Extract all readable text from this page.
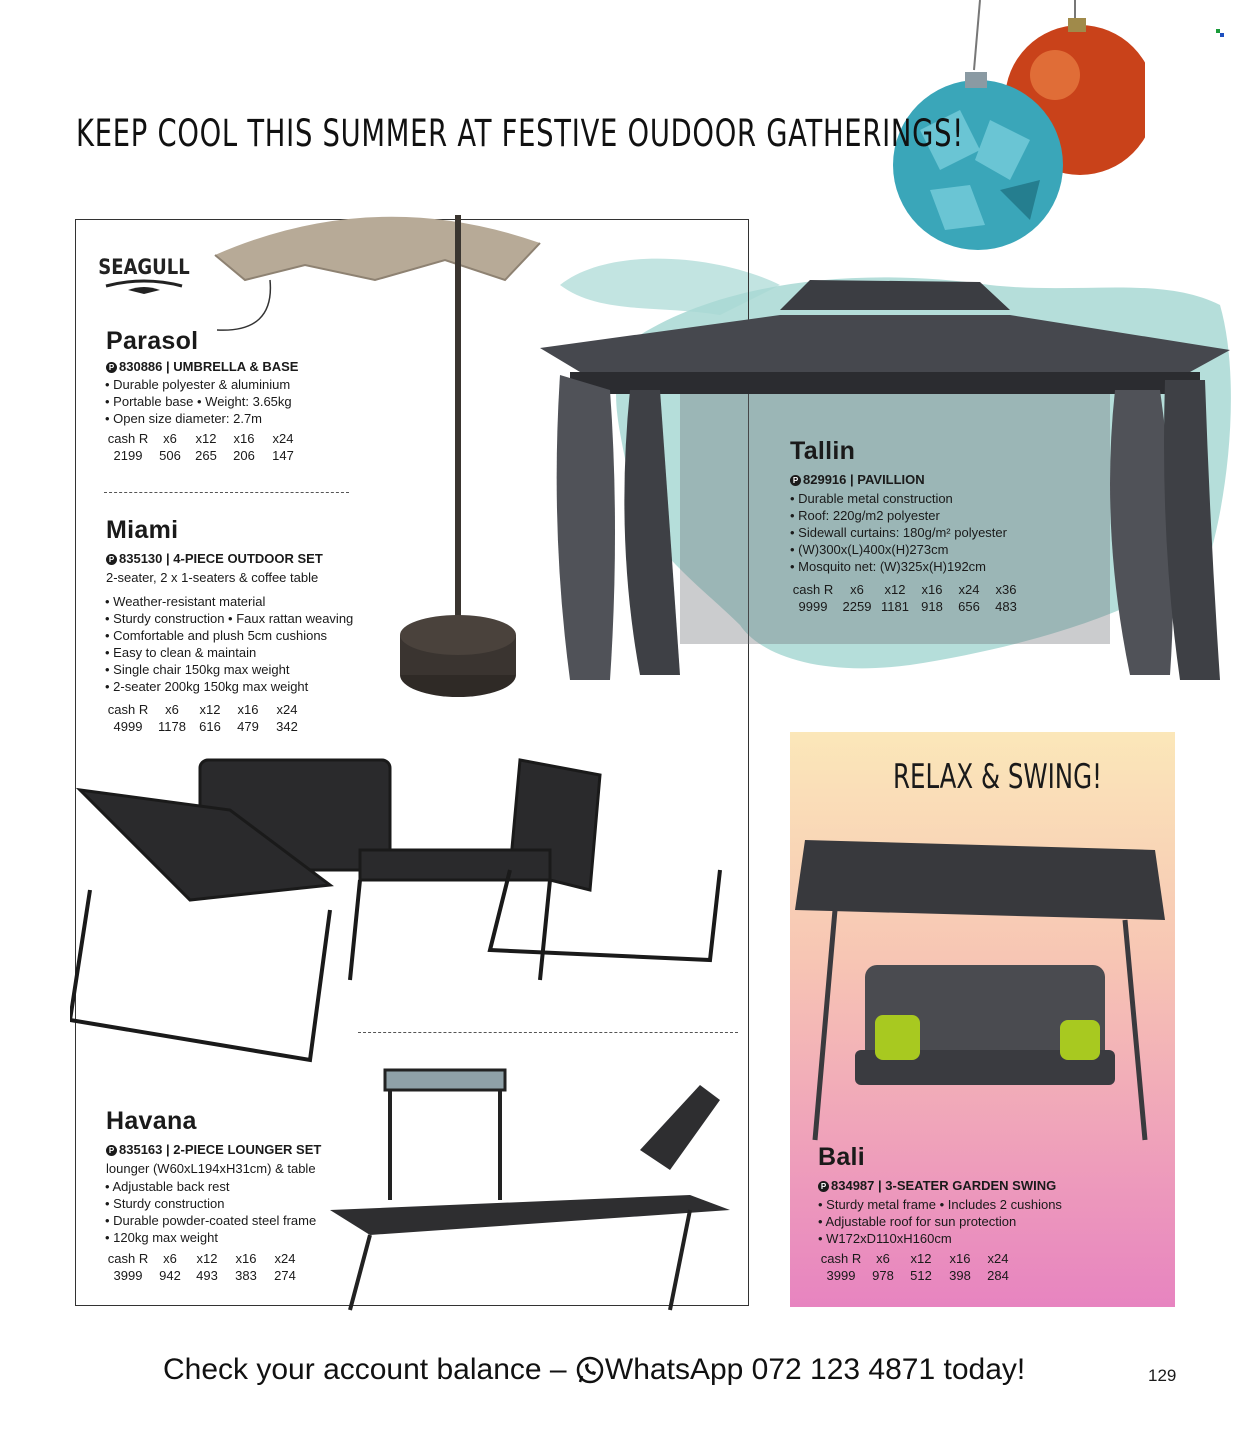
KEEP COOL THIS SUMMER AT FESTIVE OUDOOR GATHERINGS!
SEAGULL
RELAX & SWING!
Parasol
P 830886 | UMBRELLA & BASE
• Durable polyester & aluminium
• Portable base • Weight: 3.65kg
• Open size diameter: 2.7m
cash R	x6	x12	x16	x24
2199	506	265	206	147
Miami
P 835130 | 4-PIECE OUTDOOR SET
2-seater, 2 x 1-seaters & coffee table
• Weather-resistant material
• Sturdy construction • Faux rattan weaving
• Comfortable and plush 5cm cushions
• Easy to clean & maintain
• Single chair 150kg max weight
• 2-seater 200kg 150kg max weight
cash R	x6	x12	x16	x24
4999	1178	616	479	342
Havana
P 835163 | 2-PIECE LOUNGER SET
lounger (W60xL194xH31cm) & table
• Adjustable back rest
• Sturdy construction
• Durable powder-coated steel frame
• 120kg max weight
cash R	x6	x12	x16	x24
3999	942	493	383	274
Tallin
P 829916 | PAVILLION
• Durable metal construction
• Roof: 220g/m2 polyester
• Sidewall curtains: 180g/m² polyester
• (W)300x(L)400x(H)273cm
• Mosquito net: (W)325x(H)192cm
cash R	x6	x12	x16	x24	x36
9999	2259	1181	918	656	483
Bali
P 834987 | 3-SEATER GARDEN SWING
• Sturdy metal frame • Includes 2 cushions
• Adjustable roof for sun protection
• W172xD110xH160cm
cash R	x6	x12	x16	x24
3999	978	512	398	284
Check your account balance – WhatsApp 072 123 4871 today!	129
